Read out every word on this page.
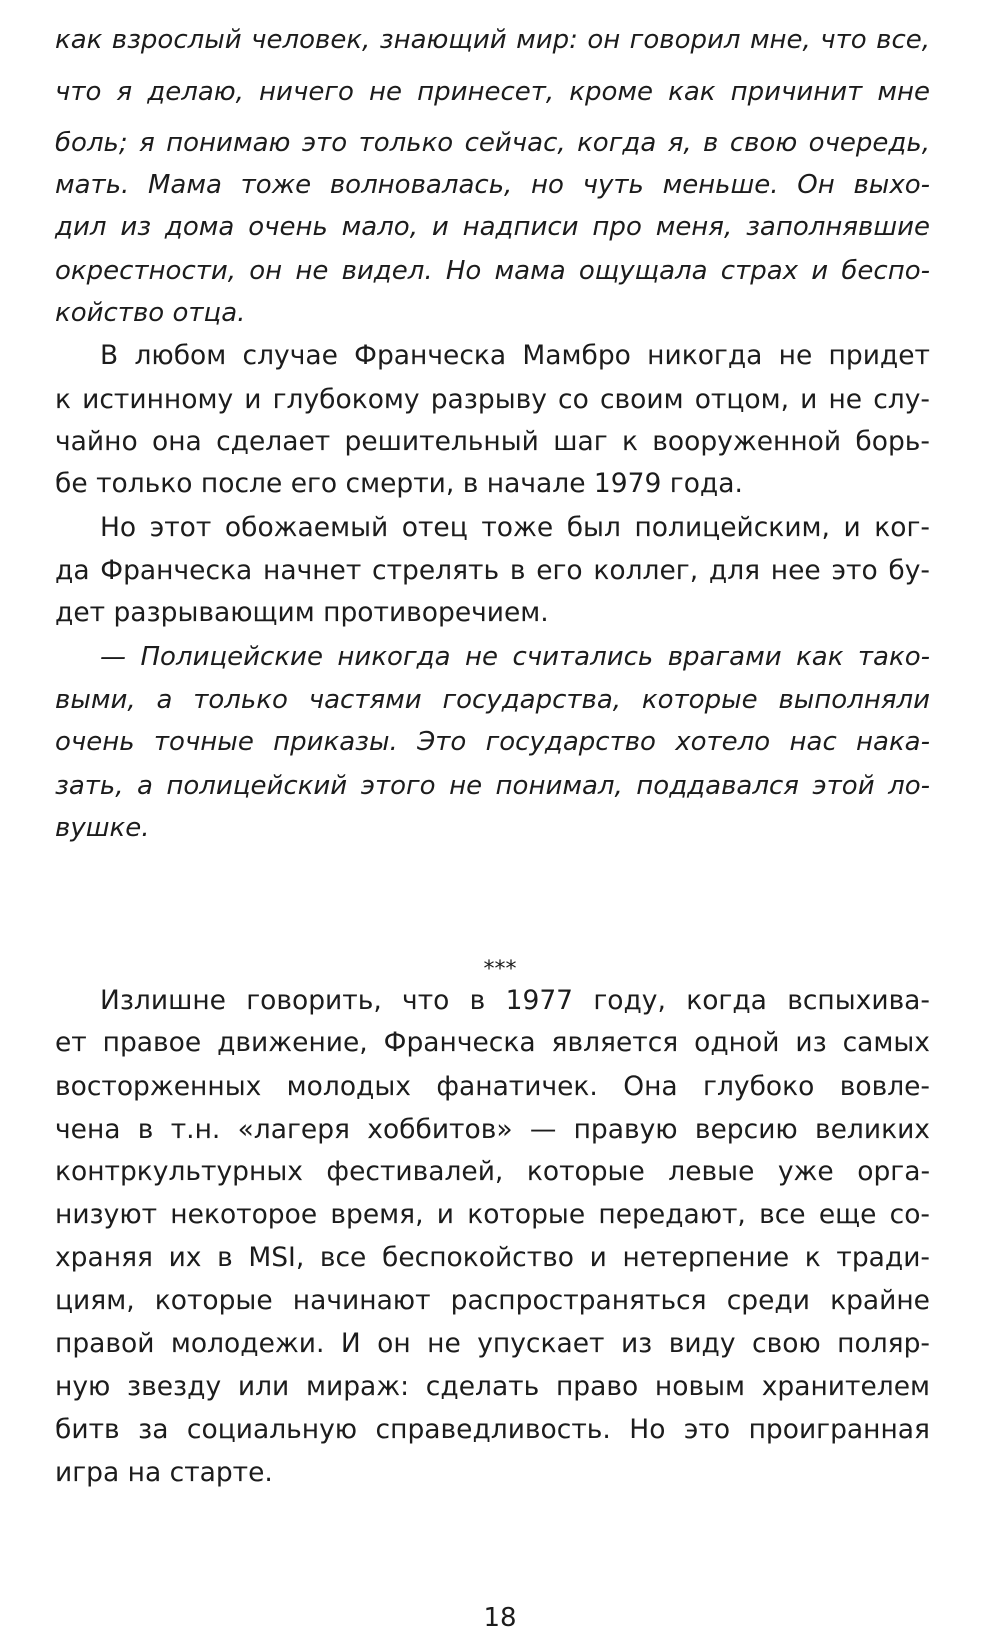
как взрослый человек, знающий мир: он говорил мне, что все,
что я делаю, ничего не принесет, кроме как причинит мне
боль; я понимаю это только сейчас, когда я, в свою очередь,
мать. Мама тоже волновалась, но чуть меньше. Он выхо-
дил из дома очень мало, и надписи про меня, заполнявшие
окрестности, он не видел. Но мама ощущала страх и беспо-
койство отца.
В любом случае Франческа Мамбро никогда не придет
к истинному и глубокому разрыву со своим отцом, и не слу-
чайно она сделает решительный шаг к вооруженной борь-
бе только после его смерти, в начале 1979 года.
Но этот обожаемый отец тоже был полицейским, и ког-
да Франческа начнет стрелять в его коллег, для нее это бу-
дет разрывающим противоречием.
— Полицейские никогда не считались врагами как тако-
выми, а только частями государства, которые выполняли
очень точные приказы. Это государство хотело нас нака-
зать, а полицейский этого не понимал, поддавался этой ло-
вушке.
***
Излишне говорить, что в 1977 году, когда вспыхива-
ет правое движение, Франческа является одной из самых
восторженных молодых фанатичек. Она глубоко вовле-
чена в т.н. «лагеря хоббитов» — правую версию великих
контркультурных фестивалей, которые левые уже орга-
низуют некоторое время, и которые передают, все еще со-
храняя их в MSI, все беспокойство и нетерпение к тради-
циям, которые начинают распространяться среди крайне
правой молодежи. И он не упускает из виду свою поляр-
ную звезду или мираж: сделать право новым хранителем
битв за социальную справедливость. Но это проигранная
игра на старте.
18
